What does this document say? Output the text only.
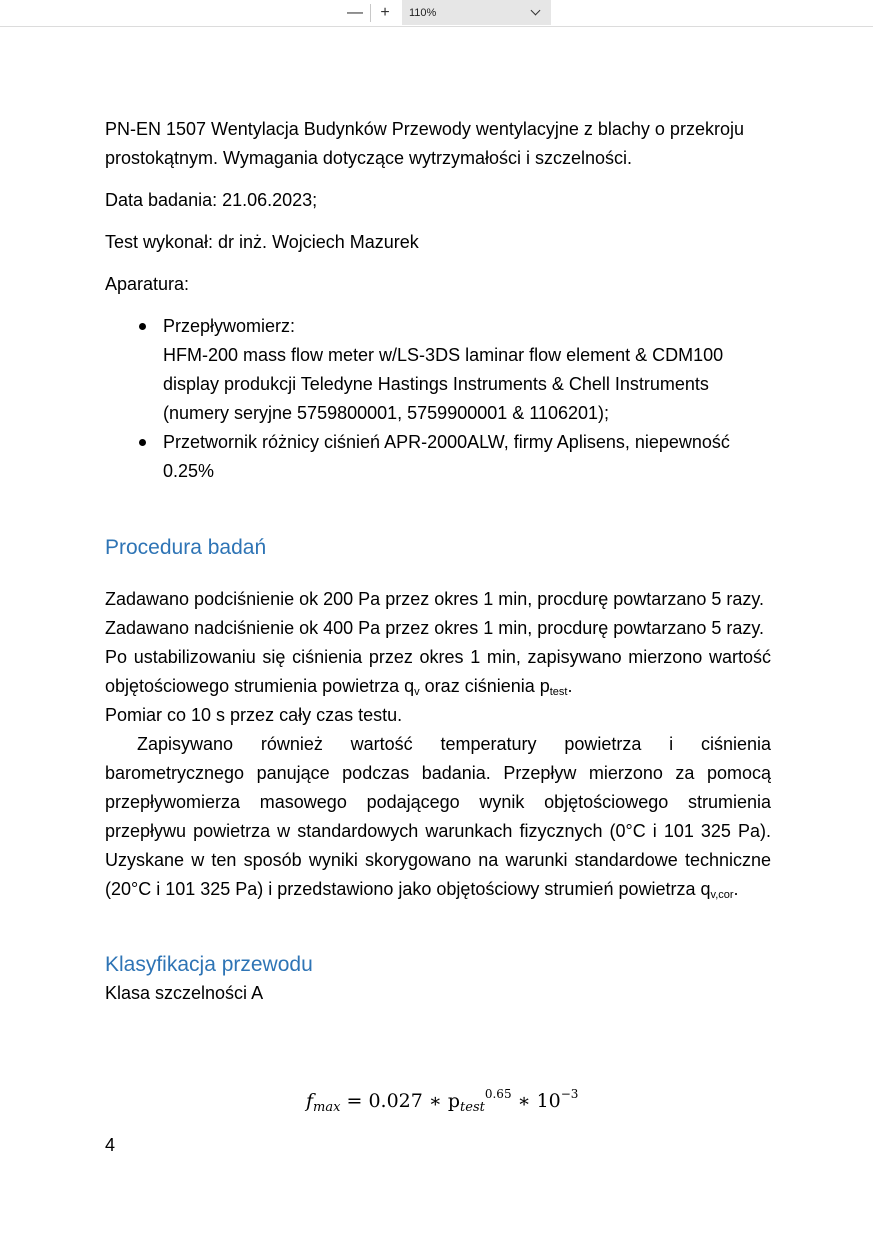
— + 110%

PN-EN 1507 Wentylacja Budynków Przewody wentylacyjne z blachy o przekroju prostokątnym. Wymagania dotyczące wytrzymałości i szczelności.

Data badania: 21.06.2023;

Test wykonał: dr inż. Wojciech Mazurek

Aparatura:

Przepływomierz:
HFM-200 mass flow meter w/LS-3DS laminar flow element & CDM100 display produkcji Teledyne Hastings Instruments & Chell Instruments (numery seryjne 5759800001, 5759900001 & 1106201);
Przetwornik różnicy ciśnień APR-2000ALW, firmy Aplisens, niepewność 0.25%

Procedura badań

Zadawano podciśnienie ok 200 Pa przez okres 1 min, procdurę powtarzano 5 razy.

Zadawano nadciśnienie ok 400 Pa przez okres 1 min, procdurę powtarzano 5 razy.

Po ustabilizowaniu się ciśnienia przez okres 1 min, zapisywano mierzono wartość objętościowego strumienia powietrza $q_v$ oraz ciśnienia $p_{test}$.

Pomiar co 10 s przez cały czas testu.

Zapisywano również wartość temperatury powietrza i ciśnienia barometrycznego panujące podczas badania. Przepływ mierzono za pomocą przepływomierza masowego podającego wynik objętościowego strumienia przepływu powietrza w standardowych warunkach fizycznych (0°C i 101 325 Pa). Uzyskane w ten sposób wyniki skorygowano na warunki standardowe techniczne (20°C i 101 325 Pa) i przedstawiono jako objętościowy strumień powietrza $q_{v,cor}$.

Klasyfikacja przewodu

Klasa szczelności A

$f_{max} = 0.027$ ∗ $p_{test}^{0.65}$ ∗ $10^{-3}$
4
